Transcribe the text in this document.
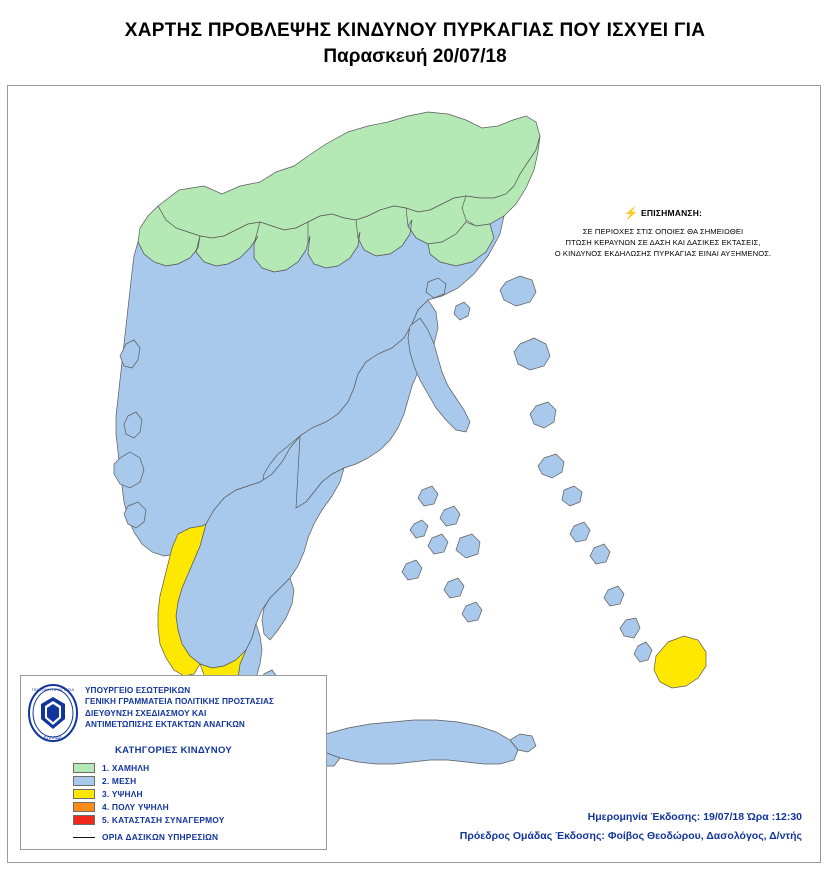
ΧΑΡΤΗΣ ΠΡΟΒΛΕΨΗΣ ΚΙΝΔΥΝΟΥ ΠΥΡΚΑΓΙΑΣ ΠΟΥ ΙΣΧΥΕΙ ΓΙΑ
Παρασκευή 20/07/18
⚡ ΕΠΙΣΗΜΑΝΣΗ:
ΣΕ ΠΕΡΙΟΧΕΣ ΣΤΙΣ ΟΠΟΙΕΣ ΘΑ ΣΗΜΕΙΩΘΕΙ
ΠΤΩΣΗ ΚΕΡΑΥΝΩΝ ΣΕ ΔΑΣΗ ΚΑΙ ΔΑΣΙΚΕΣ ΕΚΤΑΣΕΙΣ,
Ο ΚΙΝΔΥΝΟΣ ΕΚΔΗΛΩΣΗΣ ΠΥΡΚΑΓΙΑΣ ΕΙΝΑΙ ΑΥΞΗΜΕΝΟΣ.
ΠΟΛΙΤΙΚΗ ΠΡΟΣΤΑΣΙΑ
ΕΛΛΑΔΑ
ΥΠΟΥΡΓΕΙΟ ΕΣΩΤΕΡΙΚΩΝ
ΓΕΝΙΚΗ ΓΡΑΜΜΑΤΕΙΑ ΠΟΛΙΤΙΚΗΣ ΠΡΟΣΤΑΣΙΑΣ
ΔΙΕΥΘΥΝΣΗ ΣΧΕΔΙΑΣΜΟΥ ΚΑΙ
ΑΝΤΙΜΕΤΩΠΙΣΗΣ ΕΚΤΑΚΤΩΝ ΑΝΑΓΚΩΝ
ΚΑΤΗΓΟΡΙΕΣ ΚΙΝΔΥΝΟΥ
1. ΧΑΜΗΛΗ
2. ΜΕΣΗ
3. ΥΨΗΛΗ
4. ΠΟΛΥ ΥΨΗΛΗ
5. ΚΑΤΑΣΤΑΣΗ ΣΥΝΑΓΕΡΜΟΥ
ΟΡΙΑ ΔΑΣΙΚΩΝ ΥΠΗΡΕΣΙΩΝ
Ημερομηνία Έκδοσης: 19/07/18 Ώρα :12:30
Πρόεδρος Ομάδας Έκδοσης: Φοίβος Θεοδώρου, Δασολόγος, Δ/ντής
